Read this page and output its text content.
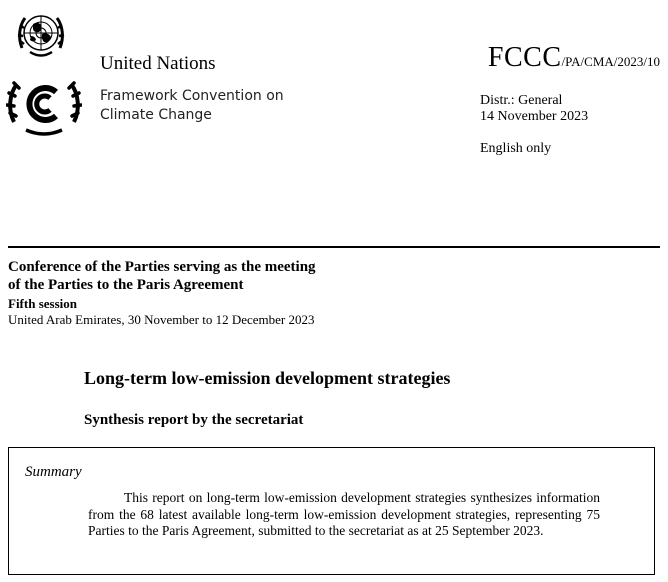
United Nations
Framework Convention on
Climate Change
FCCC/PA/CMA/2023/10
Distr.: General
14 November 2023
English only
Conference of the Parties serving as the meeting
of the Parties to the Paris Agreement
Fifth session
United Arab Emirates, 30 November to 12 December 2023
Long-term low-emission development strategies
Synthesis report by the secretariat
Summary

This report on long-term low-emission development strategies synthesizes information from the 68 latest available long-term low-emission development strategies, representing 75 Parties to the Paris Agreement, submitted to the secretariat as at 25 September 2023.
